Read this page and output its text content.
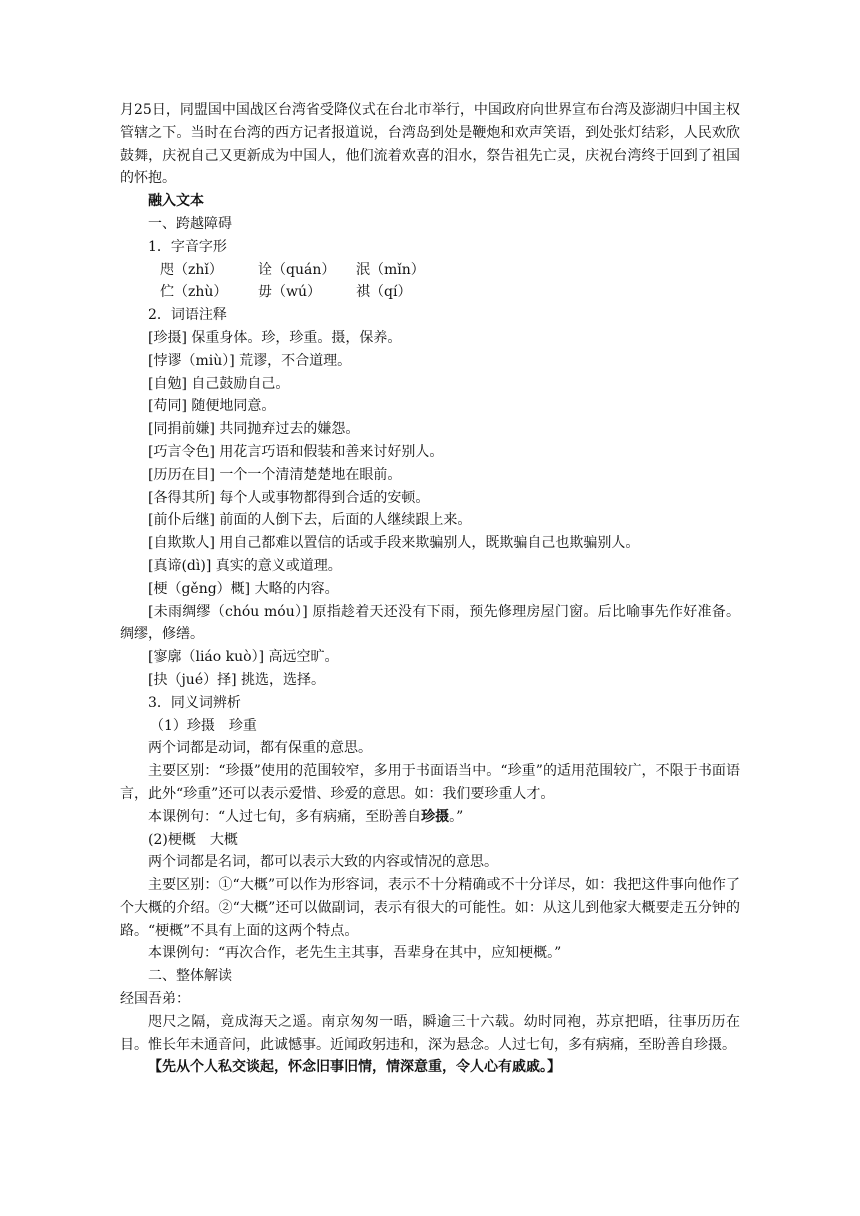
月25日，同盟国中国战区台湾省受降仪式在台北市举行，中国政府向世界宣布台湾及澎湖归中国主权管辖之下。当时在台湾的西方记者报道说，台湾岛到处是鞭炮和欢声笑语，到处张灯结彩，人民欢欣鼓舞，庆祝自己又更新成为中国人，他们流着欢喜的泪水，祭告祖先亡灵，庆祝台湾终于回到了祖国的怀抱。

融入文本

一、跨越障碍

1．字音字形

咫（zhǐ）	诠（quán）	泯（mǐn）
伫（zhù）	毋（wú）	祺（qí）

2．词语注释

[珍摄] 保重身体。珍，珍重。摄，保养。

[悖谬（miù）] 荒谬，不合道理。

[自勉] 自己鼓励自己。

[苟同] 随便地同意。

[同捐前嫌] 共同抛弃过去的嫌怨。

[巧言令色] 用花言巧语和假装和善来讨好别人。

[历历在目] 一个一个清清楚楚地在眼前。

[各得其所] 每个人或事物都得到合适的安顿。

[前仆后继] 前面的人倒下去，后面的人继续跟上来。

[自欺欺人] 用自己都难以置信的话或手段来欺骗别人，既欺骗自己也欺骗别人。

[真谛(dì)] 真实的意义或道理。

[梗（gěng）概] 大略的内容。

[未雨绸缪（chóu móu）] 原指趁着天还没有下雨，预先修理房屋门窗。后比喻事先作好准备。绸缪，修缮。

[寥廓（liáo kuò）] 高远空旷。

[抉（jué）择] 挑选，选择。

3．同义词辨析

（1）珍摄　珍重

两个词都是动词，都有保重的意思。

主要区别：“珍摄”使用的范围较窄，多用于书面语当中。“珍重”的适用范围较广，不限于书面语言，此外“珍重”还可以表示爱惜、珍爱的意思。如：我们要珍重人才。

本课例句：“人过七旬，多有病痛，至盼善自珍摄。”

(2)梗概　大概

两个词都是名词，都可以表示大致的内容或情况的意思。

主要区别：①“大概”可以作为形容词，表示不十分精确或不十分详尽，如：我把这件事向他作了个大概的介绍。②“大概”还可以做副词，表示有很大的可能性。如：从这儿到他家大概要走五分钟的路。“梗概”不具有上面的这两个特点。

本课例句：“再次合作，老先生主其事，吾辈身在其中，应知梗概。”

二、整体解读

经国吾弟：

咫尺之隔，竟成海天之遥。南京匆匆一晤，瞬逾三十六载。幼时同袍，苏京把晤，往事历历在目。惟长年未通音问，此诚憾事。近闻政躬违和，深为悬念。人过七旬，多有病痛，至盼善自珍摄。

【先从个人私交谈起，怀念旧事旧情，情深意重，令人心有戚戚。】
